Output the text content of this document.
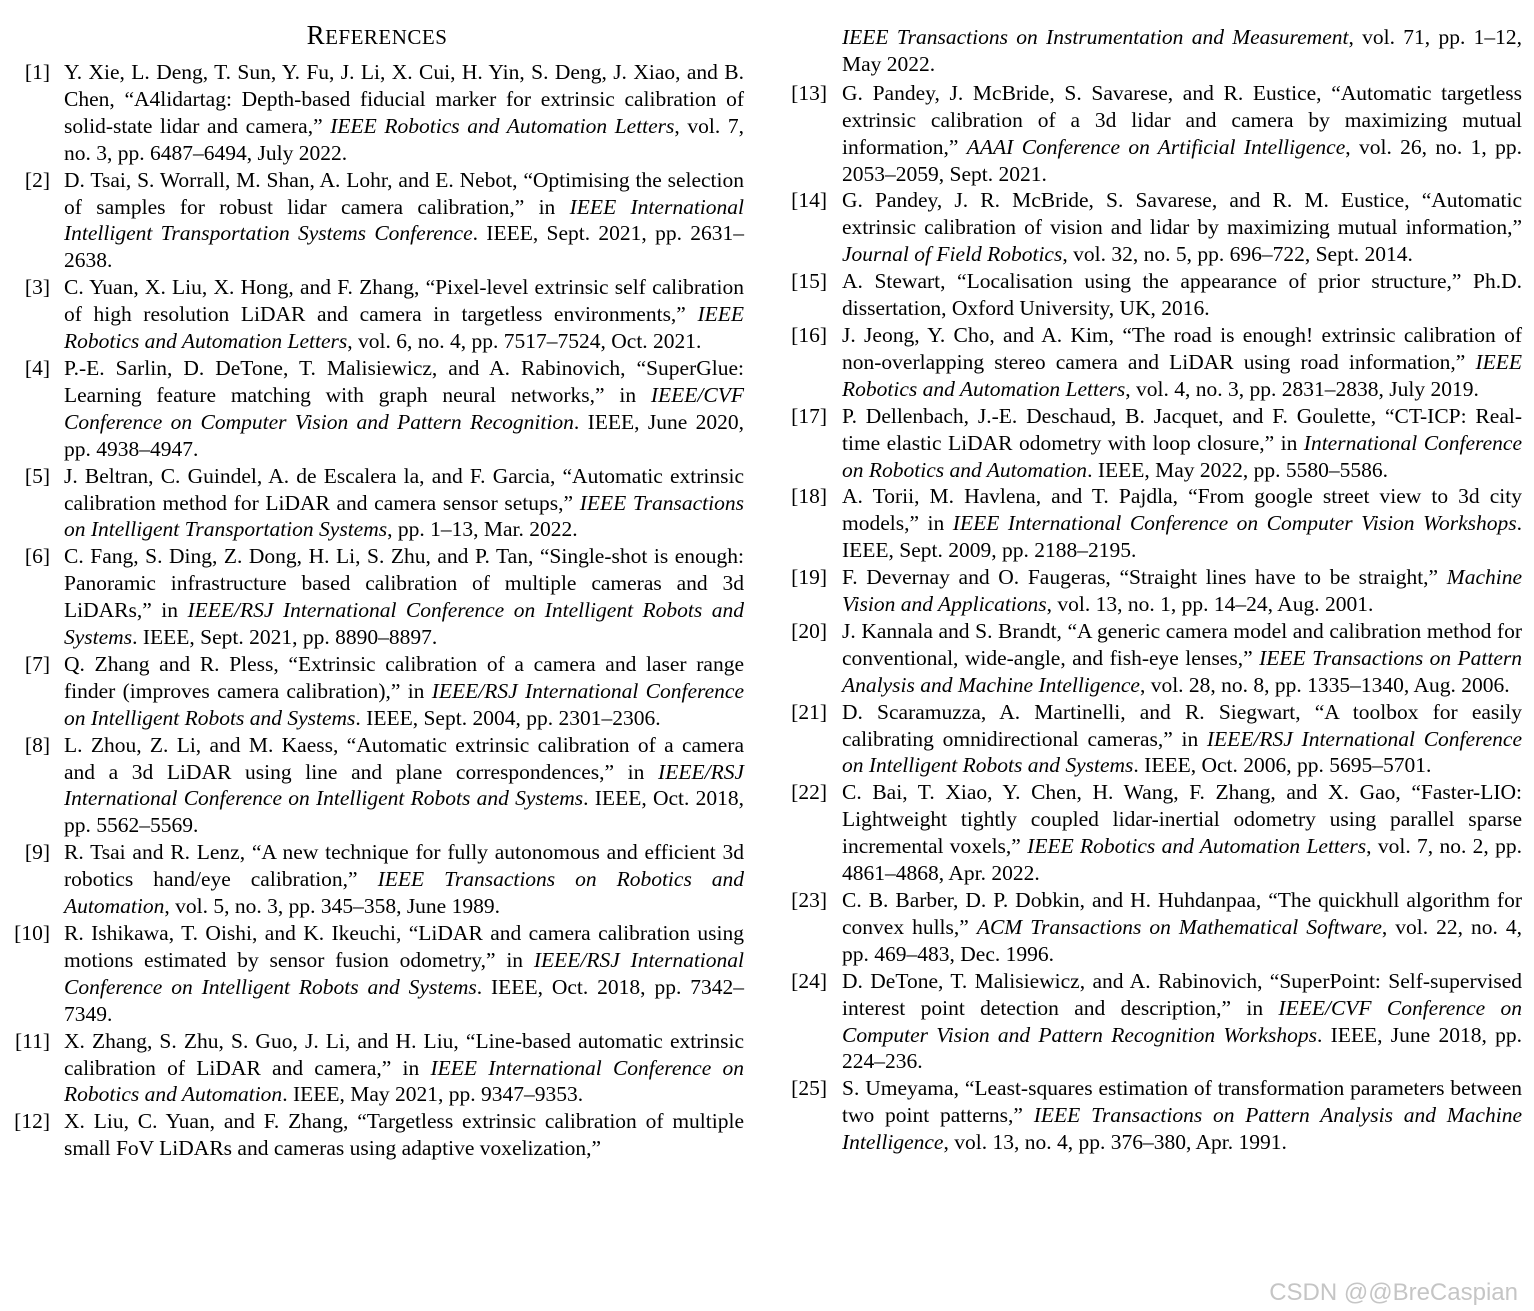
REFERENCES
[1] Y. Xie, L. Deng, T. Sun, Y. Fu, J. Li, X. Cui, H. Yin, S. Deng, J. Xiao, and B. Chen, “A4lidartag: Depth-based fiducial marker for extrinsic calibration of solid-state lidar and camera,” IEEE Robotics and Automation Letters, vol. 7, no. 3, pp. 6487–6494, July 2022.
[2] D. Tsai, S. Worrall, M. Shan, A. Lohr, and E. Nebot, “Optimising the selection of samples for robust lidar camera calibration,” in IEEE International Intelligent Transportation Systems Conference. IEEE, Sept. 2021, pp. 2631–2638.
[3] C. Yuan, X. Liu, X. Hong, and F. Zhang, “Pixel-level extrinsic self calibration of high resolution LiDAR and camera in targetless environments,” IEEE Robotics and Automation Letters, vol. 6, no. 4, pp. 7517–7524, Oct. 2021.
[4] P.-E. Sarlin, D. DeTone, T. Malisiewicz, and A. Rabinovich, “SuperGlue: Learning feature matching with graph neural networks,” in IEEE/CVF Conference on Computer Vision and Pattern Recognition. IEEE, June 2020, pp. 4938–4947.
[5] J. Beltran, C. Guindel, A. de Escalera la, and F. Garcia, “Automatic extrinsic calibration method for LiDAR and camera sensor setups,” IEEE Transactions on Intelligent Transportation Systems, pp. 1–13, Mar. 2022.
[6] C. Fang, S. Ding, Z. Dong, H. Li, S. Zhu, and P. Tan, “Single-shot is enough: Panoramic infrastructure based calibration of multiple cameras and 3d LiDARs,” in IEEE/RSJ International Conference on Intelligent Robots and Systems. IEEE, Sept. 2021, pp. 8890–8897.
[7] Q. Zhang and R. Pless, “Extrinsic calibration of a camera and laser range finder (improves camera calibration),” in IEEE/RSJ International Conference on Intelligent Robots and Systems. IEEE, Sept. 2004, pp. 2301–2306.
[8] L. Zhou, Z. Li, and M. Kaess, “Automatic extrinsic calibration of a camera and a 3d LiDAR using line and plane correspondences,” in IEEE/RSJ International Conference on Intelligent Robots and Systems. IEEE, Oct. 2018, pp. 5562–5569.
[9] R. Tsai and R. Lenz, “A new technique for fully autonomous and efficient 3d robotics hand/eye calibration,” IEEE Transactions on Robotics and Automation, vol. 5, no. 3, pp. 345–358, June 1989.
[10] R. Ishikawa, T. Oishi, and K. Ikeuchi, “LiDAR and camera calibration using motions estimated by sensor fusion odometry,” in IEEE/RSJ International Conference on Intelligent Robots and Systems. IEEE, Oct. 2018, pp. 7342–7349.
[11] X. Zhang, S. Zhu, S. Guo, J. Li, and H. Liu, “Line-based automatic extrinsic calibration of LiDAR and camera,” in IEEE International Conference on Robotics and Automation. IEEE, May 2021, pp. 9347–9353.
[12] X. Liu, C. Yuan, and F. Zhang, “Targetless extrinsic calibration of multiple small FoV LiDARs and cameras using adaptive voxelization,”
IEEE Transactions on Instrumentation and Measurement, vol. 71, pp. 1–12, May 2022.
[13] G. Pandey, J. McBride, S. Savarese, and R. Eustice, “Automatic targetless extrinsic calibration of a 3d lidar and camera by maximizing mutual information,” AAAI Conference on Artificial Intelligence, vol. 26, no. 1, pp. 2053–2059, Sept. 2021.
[14] G. Pandey, J. R. McBride, S. Savarese, and R. M. Eustice, “Automatic extrinsic calibration of vision and lidar by maximizing mutual information,” Journal of Field Robotics, vol. 32, no. 5, pp. 696–722, Sept. 2014.
[15] A. Stewart, “Localisation using the appearance of prior structure,” Ph.D. dissertation, Oxford University, UK, 2016.
[16] J. Jeong, Y. Cho, and A. Kim, “The road is enough! extrinsic calibration of non-overlapping stereo camera and LiDAR using road information,” IEEE Robotics and Automation Letters, vol. 4, no. 3, pp. 2831–2838, July 2019.
[17] P. Dellenbach, J.-E. Deschaud, B. Jacquet, and F. Goulette, “CT-ICP: Real-time elastic LiDAR odometry with loop closure,” in International Conference on Robotics and Automation. IEEE, May 2022, pp. 5580–5586.
[18] A. Torii, M. Havlena, and T. Pajdla, “From google street view to 3d city models,” in IEEE International Conference on Computer Vision Workshops. IEEE, Sept. 2009, pp. 2188–2195.
[19] F. Devernay and O. Faugeras, “Straight lines have to be straight,” Machine Vision and Applications, vol. 13, no. 1, pp. 14–24, Aug. 2001.
[20] J. Kannala and S. Brandt, “A generic camera model and calibration method for conventional, wide-angle, and fish-eye lenses,” IEEE Transactions on Pattern Analysis and Machine Intelligence, vol. 28, no. 8, pp. 1335–1340, Aug. 2006.
[21] D. Scaramuzza, A. Martinelli, and R. Siegwart, “A toolbox for easily calibrating omnidirectional cameras,” in IEEE/RSJ International Conference on Intelligent Robots and Systems. IEEE, Oct. 2006, pp. 5695–5701.
[22] C. Bai, T. Xiao, Y. Chen, H. Wang, F. Zhang, and X. Gao, “Faster-LIO: Lightweight tightly coupled lidar-inertial odometry using parallel sparse incremental voxels,” IEEE Robotics and Automation Letters, vol. 7, no. 2, pp. 4861–4868, Apr. 2022.
[23] C. B. Barber, D. P. Dobkin, and H. Huhdanpaa, “The quickhull algorithm for convex hulls,” ACM Transactions on Mathematical Software, vol. 22, no. 4, pp. 469–483, Dec. 1996.
[24] D. DeTone, T. Malisiewicz, and A. Rabinovich, “SuperPoint: Self-supervised interest point detection and description,” in IEEE/CVF Conference on Computer Vision and Pattern Recognition Workshops. IEEE, June 2018, pp. 224–236.
[25] S. Umeyama, “Least-squares estimation of transformation parameters between two point patterns,” IEEE Transactions on Pattern Analysis and Machine Intelligence, vol. 13, no. 4, pp. 376–380, Apr. 1991.
CSDN @@BreCaspian
